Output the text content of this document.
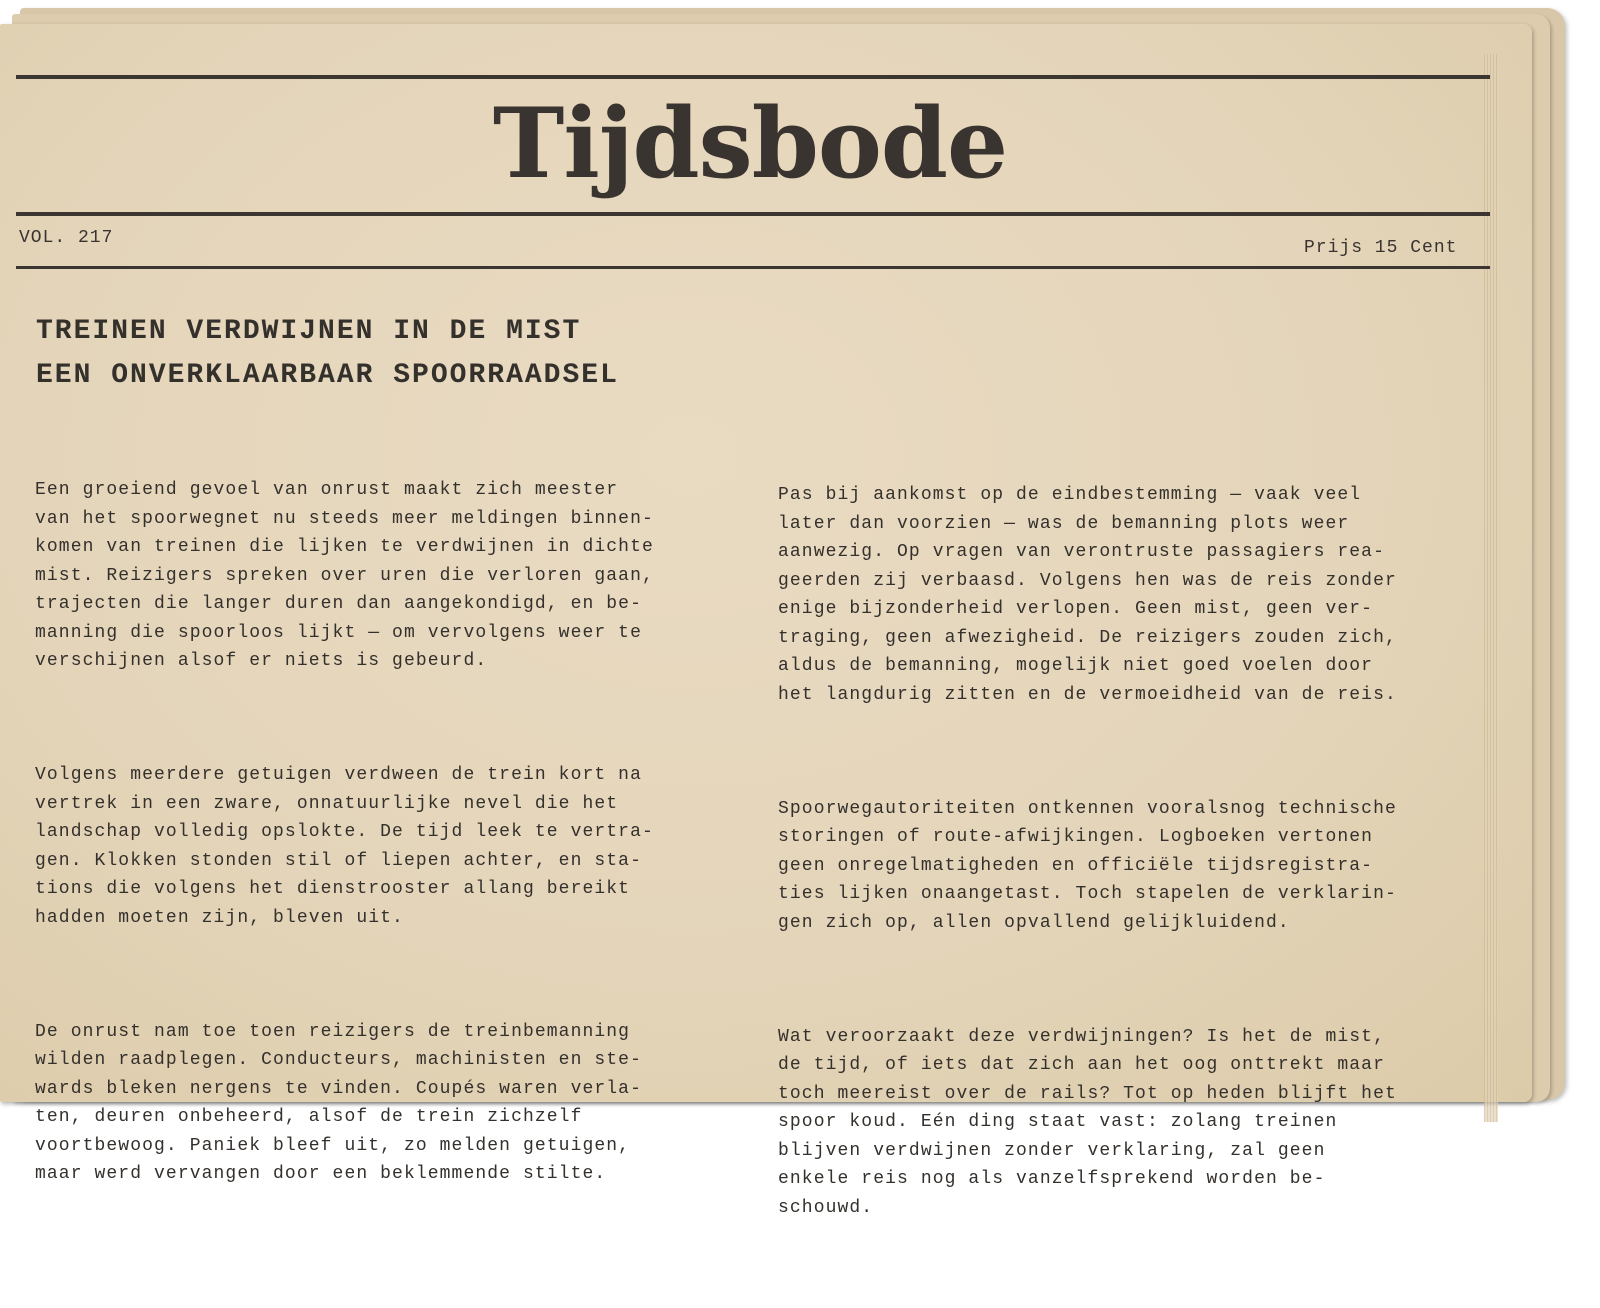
Tijdsbode
VOL. 217	Prijs 15 Cent
TREINEN VERDWIJNEN IN DE MIST
EEN ONVERKLAARBAAR SPOORRAADSEL

Een groeiend gevoel van onrust maakt zich meester
van het spoorwegnet nu steeds meer meldingen binnen-
komen van treinen die lijken te verdwijnen in dichte
mist. Reizigers spreken over uren die verloren gaan,
trajecten die langer duren dan aangekondigd, en be-
manning die spoorloos lijkt — om vervolgens weer te
verschijnen alsof er niets is gebeurd.

Volgens meerdere getuigen verdween de trein kort na
vertrek in een zware, onnatuurlijke nevel die het
landschap volledig opslokte. De tijd leek te vertra-
gen. Klokken stonden stil of liepen achter, en sta-
tions die volgens het dienstrooster allang bereikt
hadden moeten zijn, bleven uit.

De onrust nam toe toen reizigers de treinbemanning
wilden raadplegen. Conducteurs, machinisten en ste-
wards bleken nergens te vinden. Coupés waren verla-
ten, deuren onbeheerd, alsof de trein zichzelf
voortbewoog. Paniek bleef uit, zo melden getuigen,
maar werd vervangen door een beklemmende stilte.

Pas bij aankomst op de eindbestemming — vaak veel
later dan voorzien — was de bemanning plots weer
aanwezig. Op vragen van verontruste passagiers rea-
geerden zij verbaasd. Volgens hen was de reis zonder
enige bijzonderheid verlopen. Geen mist, geen ver-
traging, geen afwezigheid. De reizigers zouden zich,
aldus de bemanning, mogelijk niet goed voelen door
het langdurig zitten en de vermoeidheid van de reis.

Spoorwegautoriteiten ontkennen vooralsnog technische
storingen of route-afwijkingen. Logboeken vertonen
geen onregelmatigheden en officiële tijdsregistra-
ties lijken onaangetast. Toch stapelen de verklarin-
gen zich op, allen opvallend gelijkluidend.

Wat veroorzaakt deze verdwijningen? Is het de mist,
de tijd, of iets dat zich aan het oog onttrekt maar
toch meereist over de rails? Tot op heden blijft het
spoor koud. Eén ding staat vast: zolang treinen
blijven verdwijnen zonder verklaring, zal geen
enkele reis nog als vanzelfsprekend worden be-
schouwd.
